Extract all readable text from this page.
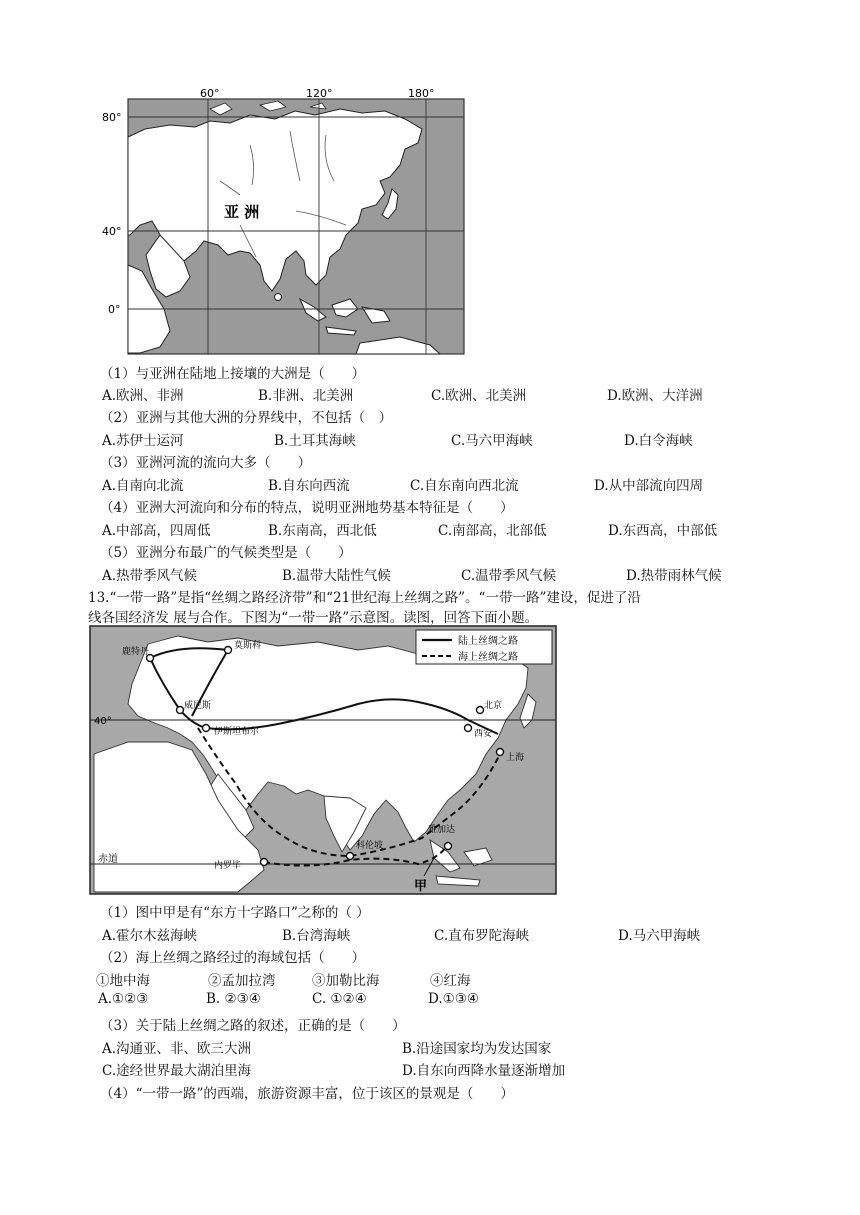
60°	120°	180°
80°
40°
0°
亚 洲
（1）与亚洲在陆地上接壤的大洲是（　　）
A.欧洲、非洲	B.非洲、北美洲	C.欧洲、北美洲	D.欧洲、大洋洲
（2）亚洲与其他大洲的分界线中，不包括（　）
A.苏伊士运河	B.土耳其海峡	C.马六甲海峡	D.白令海峡
（3）亚洲河流的流向大多（　　）
A.自南向北流	B.自东向西流	C.自东南向西北流	D.从中部流向四周
（4）亚洲大河流向和分布的特点，说明亚洲地势基本特征是（　　）
A.中部高，四周低	B.东南高，西北低	C.南部高，北部低	D.东西高，中部低
（5）亚洲分布最广的气候类型是（　　）
A.热带季风气候	B.温带大陆性气候	C.温带季风气候	D.热带雨林气候
13.“一带一路”是指“丝绸之路经济带”和“21世纪海上丝绸之路”。“一带一路”建设，促进了沿
线各国经济发 展与合作。下图为“一带一路”示意图。读图，回答下面小题。
陆上丝绸之路
海上丝绸之路
鹿特丹
莫斯科
威尼斯
伊斯坦布尔
北京
西安
上海
雅加达
科伦坡
内罗毕
40°
赤道
甲
（1）图中甲是有“东方十字路口”之称的（ ）
A.霍尔木兹海峡	B.台湾海峡	C.直布罗陀海峡	D.马六甲海峡
（2）海上丝绸之路经过的海域包括（　　）
①地中海	②孟加拉湾	③加勒比海	④红海
A.①②③	B. ②③④	C. ①②④	D.①③④
（3）关于陆上丝绸之路的叙述，正确的是（　　）
A.沟通亚、非、欧三大洲	B.沿途国家均为发达国家
C.途经世界最大湖泊里海	D.自东向西降水量逐渐增加
（4）“一带一路”的西端，旅游资源丰富，位于该区的景观是（　　）
